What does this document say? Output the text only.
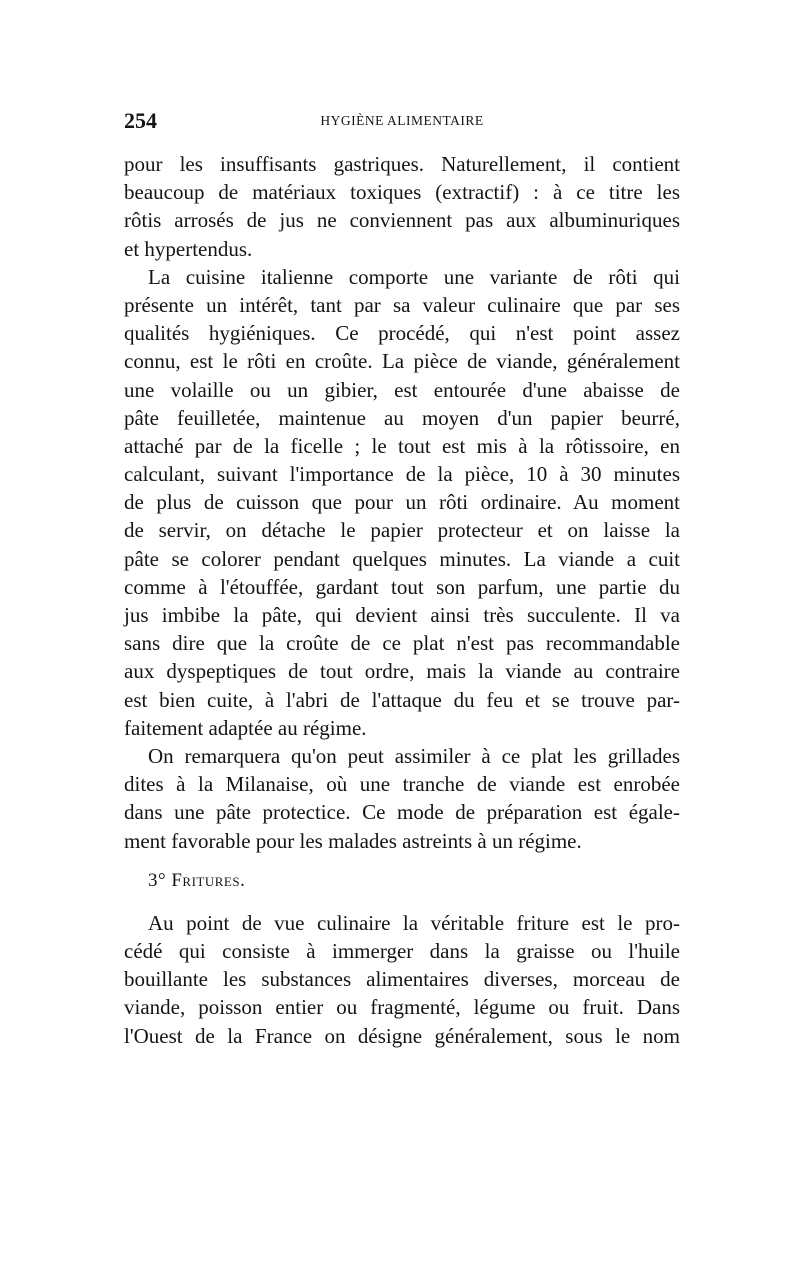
254	HYGIÈNE ALIMENTAIRE
pour les insuffisants gastriques. Naturellement, il contient
beaucoup de matériaux toxiques (extractif) : à ce titre les
rôtis arrosés de jus ne conviennent pas aux albuminuriques
et hypertendus.
La cuisine italienne comporte une variante de rôti qui
présente un intérêt, tant par sa valeur culinaire que par ses
qualités hygiéniques. Ce procédé, qui n'est point assez
connu, est le rôti en croûte. La pièce de viande, généralement
une volaille ou un gibier, est entourée d'une abaisse de
pâte feuilletée, maintenue au moyen d'un papier beurré,
attaché par de la ficelle ; le tout est mis à la rôtissoire, en
calculant, suivant l'importance de la pièce, 10 à 30 minutes
de plus de cuisson que pour un rôti ordinaire. Au moment
de servir, on détache le papier protecteur et on laisse la
pâte se colorer pendant quelques minutes. La viande a cuit
comme à l'étouffée, gardant tout son parfum, une partie du
jus imbibe la pâte, qui devient ainsi très succulente. Il va
sans dire que la croûte de ce plat n'est pas recommandable
aux dyspeptiques de tout ordre, mais la viande au contraire
est bien cuite, à l'abri de l'attaque du feu et se trouve par-
faitement adaptée au régime.
On remarquera qu'on peut assimiler à ce plat les grillades
dites à la Milanaise, où une tranche de viande est enrobée
dans une pâte protectice. Ce mode de préparation est égale-
ment favorable pour les malades astreints à un régime.
3° Fritures.
Au point de vue culinaire la véritable friture est le pro-
cédé qui consiste à immerger dans la graisse ou l'huile
bouillante les substances alimentaires diverses, morceau de
viande, poisson entier ou fragmenté, légume ou fruit. Dans
l'Ouest de la France on désigne généralement, sous le nom
